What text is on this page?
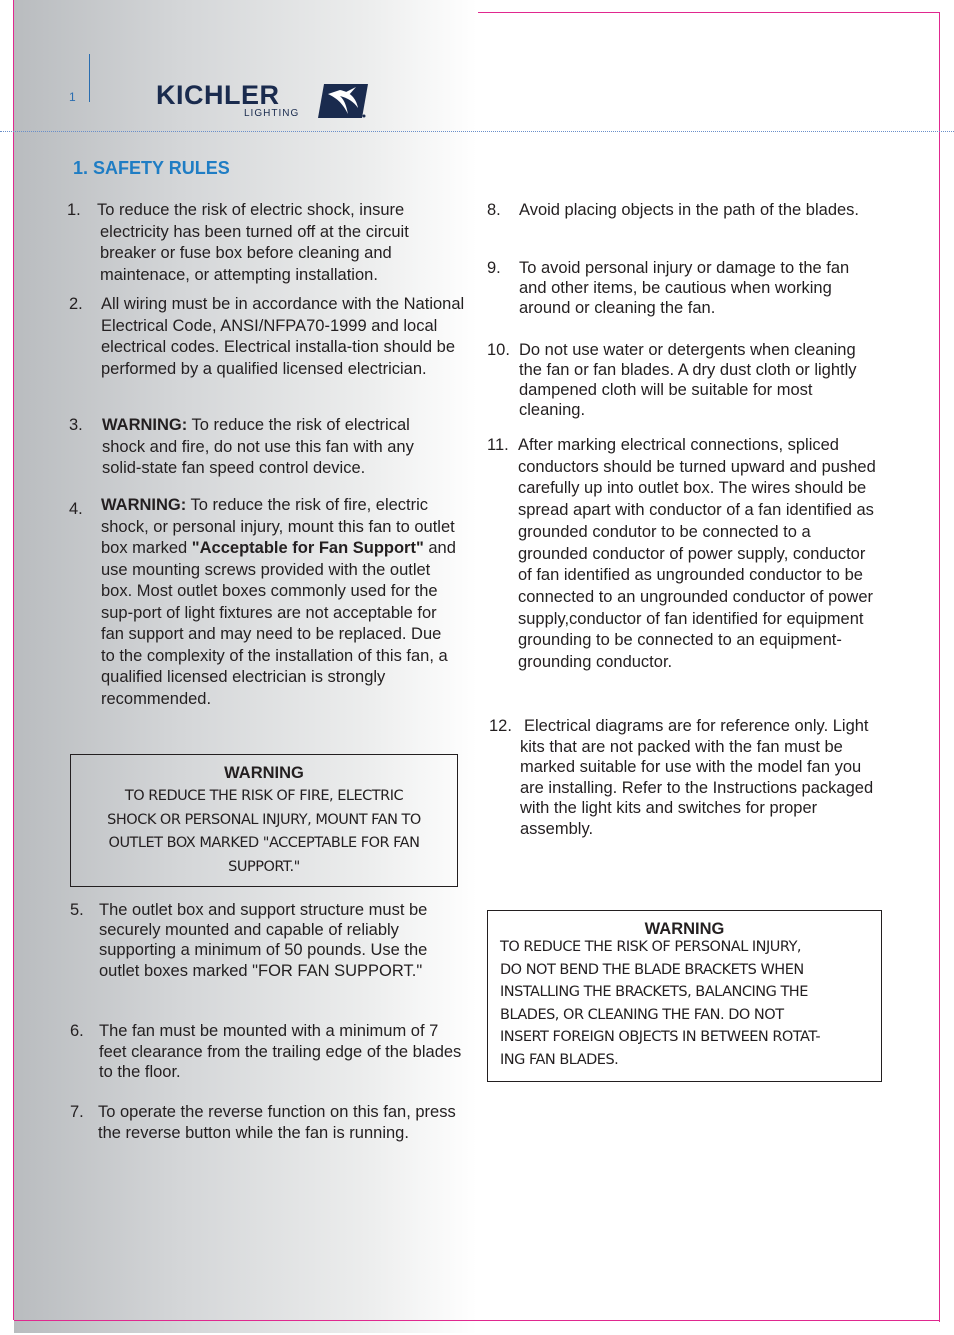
1	KICHLER
LIGHTING
1. SAFETY RULES
1. To reduce the risk of electric shock, insure electricity has been turned off at the circuit breaker or fuse box before cleaning and maintenace, or attempting installation.
2. All wiring must be in accordance with the National Electrical Code, ANSI/NFPA70-1999 and local electrical codes. Electrical installa-tion should be performed by a qualified licensed electrician.
3. WARNING: To reduce the risk of electrical shock and fire, do not use this fan with any solid-state fan speed control device.
4. WARNING: To reduce the risk of fire, electric shock, or personal injury, mount this fan to outlet box marked "Acceptable for Fan Support" and use mounting screws provided with the outlet box. Most outlet boxes commonly used for the sup-port of light fixtures are not acceptable for fan support and may need to be replaced. Due to the complexity of the installation of this fan, a qualified licensed electrician is strongly recommended.
WARNING
TO REDUCE THE RISK OF FIRE, ELECTRIC
SHOCK OR PERSONAL INJURY, MOUNT FAN TO
OUTLET BOX MARKED "ACCEPTABLE FOR FAN
SUPPORT."
5. The outlet box and support structure must be securely mounted and capable of reliably supporting a minimum of 50 pounds. Use the outlet boxes marked "FOR FAN SUPPORT."
6. The fan must be mounted with a minimum of 7 feet clearance from the trailing edge of the blades to the floor.
7. To operate the reverse function on this fan, press the reverse button while the fan is running.
8. Avoid placing objects in the path of the blades.
9. To avoid personal injury or damage to the fan and other items, be cautious when working around or cleaning the fan.
10. Do not use water or detergents when cleaning the fan or fan blades. A dry dust cloth or lightly dampened cloth will be suitable for most cleaning.
11. After marking electrical connections, spliced conductors should be turned upward and pushed carefully up into outlet box. The wires should be spread apart with conductor of a fan identified as grounded condutor to be connected to a grounded conductor of power supply, conductor of fan identified as ungrounded conductor to be connected to an ungrounded conductor of power supply,conductor of fan identified for equipment grounding to be connected to an equipment-grounding conductor.
12. Electrical diagrams are for reference only. Light kits that are not packed with the fan must be marked suitable for use with the model fan you are installing. Refer to the Instructions packaged with the light kits and switches for proper assembly.
WARNING
TO REDUCE THE RISK OF PERSONAL INJURY,
DO NOT BEND THE BLADE BRACKETS WHEN
INSTALLING THE BRACKETS, BALANCING THE
BLADES, OR CLEANING THE FAN. DO NOT
INSERT FOREIGN OBJECTS IN BETWEEN ROTAT-
ING FAN BLADES.
